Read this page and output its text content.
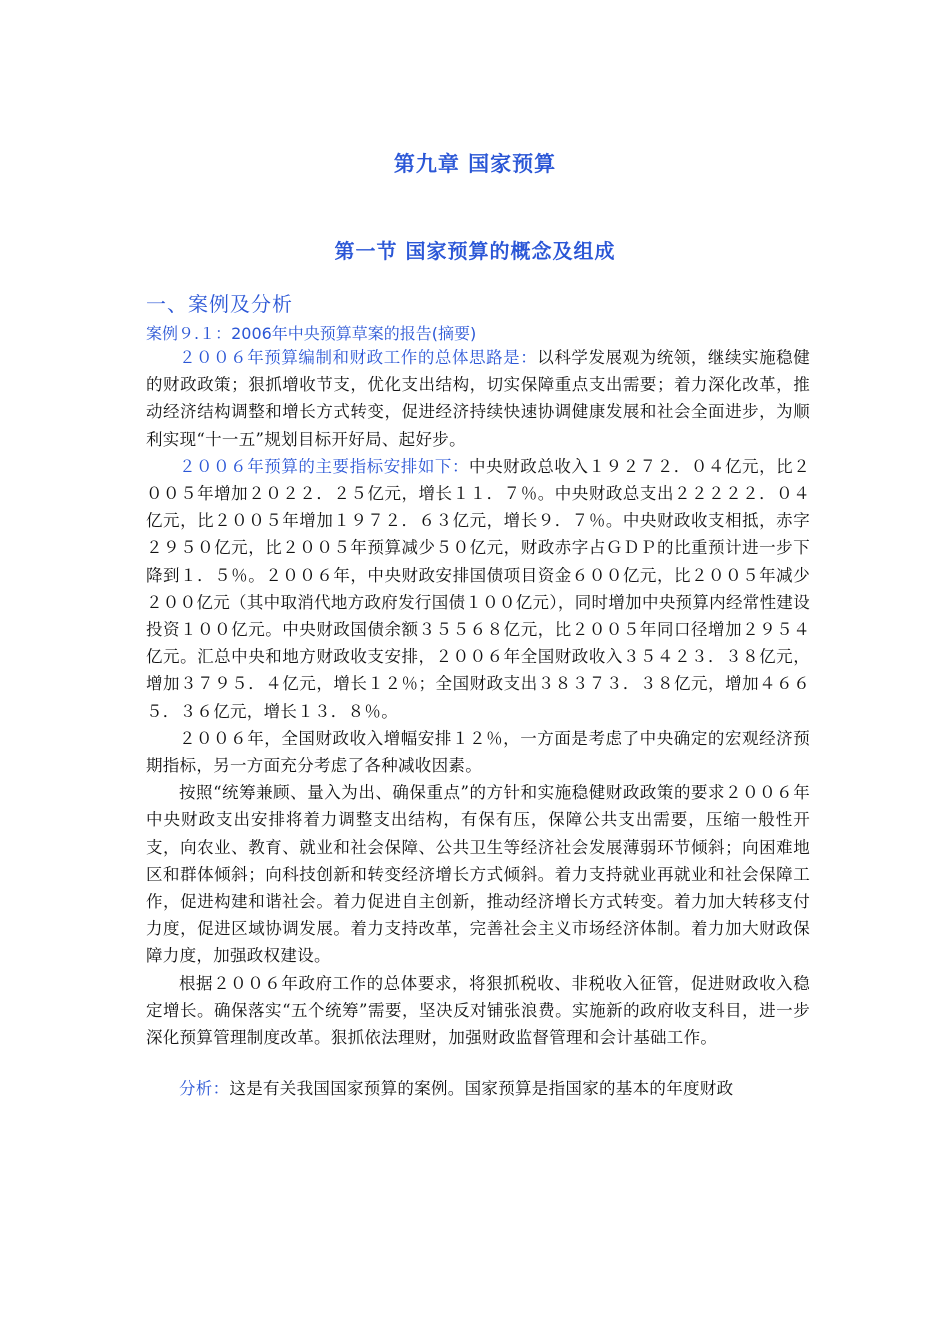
第九章 国家预算
第一节 国家预算的概念及组成
一、案例及分析
案例９.１：2006年中央预算草案的报告(摘要)

２００６年预算编制和财政工作的总体思路是：以科学发展观为统领，继续实施稳健的财政政策；狠抓增收节支，优化支出结构，切实保障重点支出需要；着力深化改革，推动经济结构调整和增长方式转变，促进经济持续快速协调健康发展和社会全面进步，为顺利实现“十一五”规划目标开好局、起好步。

２００６年预算的主要指标安排如下：中央财政总收入１９２７２．０４亿元，比２００５年增加２０２２．２５亿元，增长１１．７％。中央财政总支出２２２２２．０４亿元，比２００５年增加１９７２．６３亿元，增长９．７％。中央财政收支相抵，赤字２９５０亿元，比２００５年预算减少５０亿元，财政赤字占ＧＤＰ的比重预计进一步下降到１．５％。２００６年，中央财政安排国债项目资金６００亿元，比２００５年减少２００亿元（其中取消代地方政府发行国债１００亿元），同时增加中央预算内经常性建设投资１００亿元。中央财政国债余额３５５６８亿元，比２００５年同口径增加２９５４亿元。汇总中央和地方财政收支安排，２００６年全国财政收入３５４２３．３８亿元，增加３７９５．４亿元，增长１２％；全国财政支出３８３７３．３８亿元，增加４６６５．３６亿元，增长１３．８％。

２００６年，全国财政收入增幅安排１２％，一方面是考虑了中央确定的宏观经济预期指标，另一方面充分考虑了各种减收因素。

按照“统筹兼顾、量入为出、确保重点”的方针和实施稳健财政政策的要求２００６年中央财政支出安排将着力调整支出结构，有保有压，保障公共支出需要，压缩一般性开支，向农业、教育、就业和社会保障、公共卫生等经济社会发展薄弱环节倾斜；向困难地区和群体倾斜；向科技创新和转变经济增长方式倾斜。着力支持就业再就业和社会保障工作，促进构建和谐社会。着力促进自主创新，推动经济增长方式转变。着力加大转移支付力度，促进区域协调发展。着力支持改革，完善社会主义市场经济体制。着力加大财政保障力度，加强政权建设。

根据２００６年政府工作的总体要求，将狠抓税收、非税收入征管，促进财政收入稳定增长。确保落实“五个统筹”需要，坚决反对铺张浪费。实施新的政府收支科目，进一步深化预算管理制度改革。狠抓依法理财，加强财政监督管理和会计基础工作。

分析：这是有关我国国家预算的案例。国家预算是指国家的基本的年度财政
